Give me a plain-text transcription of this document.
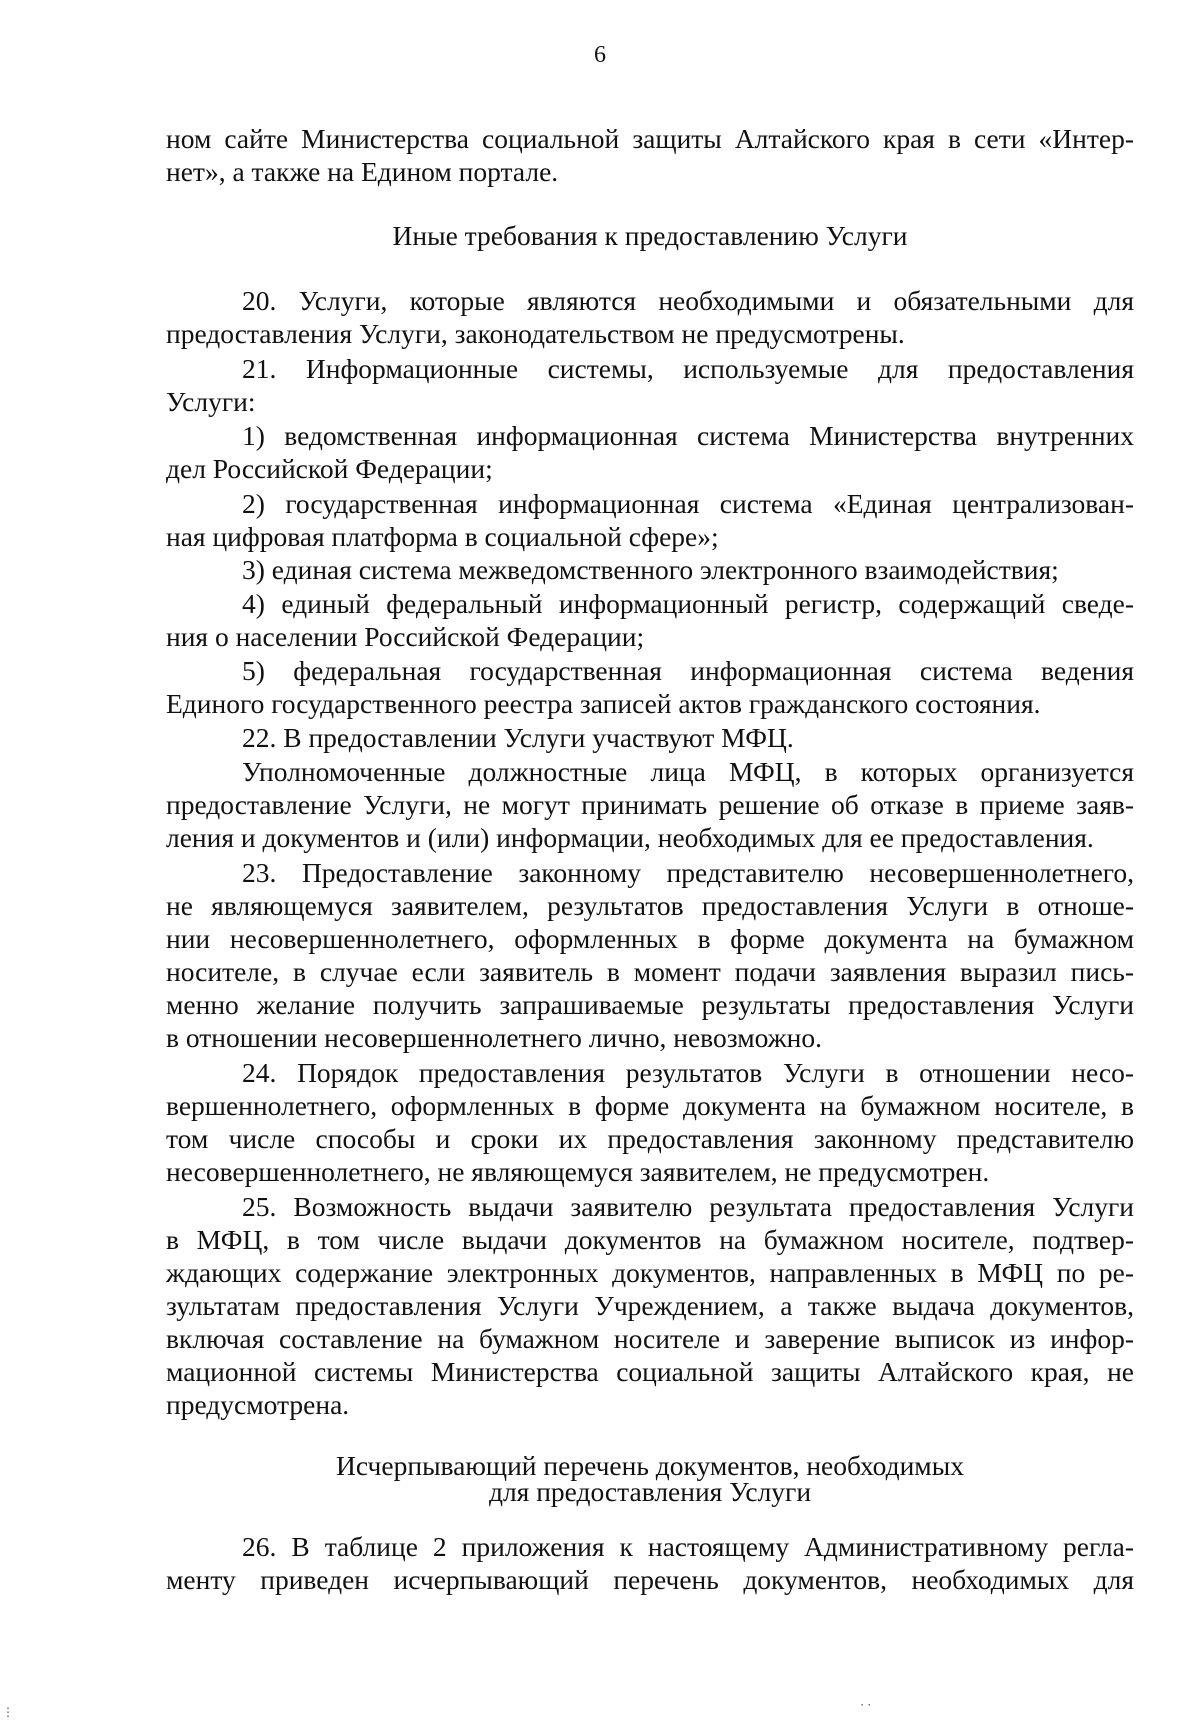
6
ном сайте Министерства социальной защиты Алтайского края в сети «Интер-
нет», а также на Едином портале.
Иные требования к предоставлению Услуги
20. Услуги, которые являются необходимыми и обязательными для
предоставления Услуги, законодательством не предусмотрены.
21. Информационные системы, используемые для предоставления
Услуги:
1) ведомственная информационная система Министерства внутренних
дел Российской Федерации;
2) государственная информационная система «Единая централизован-
ная цифровая платформа в социальной сфере»;
3) единая система межведомственного электронного взаимодействия;
4) единый федеральный информационный регистр, содержащий сведе-
ния о населении Российской Федерации;
5) федеральная государственная информационная система ведения
Единого государственного реестра записей актов гражданского состояния.
22. В предоставлении Услуги участвуют МФЦ.
Уполномоченные должностные лица МФЦ, в которых организуется
предоставление Услуги, не могут принимать решение об отказе в приеме заяв-
ления и документов и (или) информации, необходимых для ее предоставления.
23. Предоставление законному представителю несовершеннолетнего,
не являющемуся заявителем, результатов предоставления Услуги в отноше-
нии несовершеннолетнего, оформленных в форме документа на бумажном
носителе, в случае если заявитель в момент подачи заявления выразил пись-
менно желание получить запрашиваемые результаты предоставления Услуги
в отношении несовершеннолетнего лично, невозможно.
24. Порядок предоставления результатов Услуги в отношении несо-
вершеннолетнего, оформленных в форме документа на бумажном носителе, в
том числе способы и сроки их предоставления законному представителю
несовершеннолетнего, не являющемуся заявителем, не предусмотрен.
25. Возможность выдачи заявителю результата предоставления Услуги
в МФЦ, в том числе выдачи документов на бумажном носителе, подтвер-
ждающих содержание электронных документов, направленных в МФЦ по ре-
зультатам предоставления Услуги Учреждением, а также выдача документов,
включая составление на бумажном носителе и заверение выписок из инфор-
мационной системы Министерства социальной защиты Алтайского края, не
предусмотрена.
Исчерпывающий перечень документов, необходимых
для предоставления Услуги
26. В таблице 2 приложения к настоящему Административному регла-
менту приведен исчерпывающий перечень документов, необходимых для
⋅ ⋅
⋮
